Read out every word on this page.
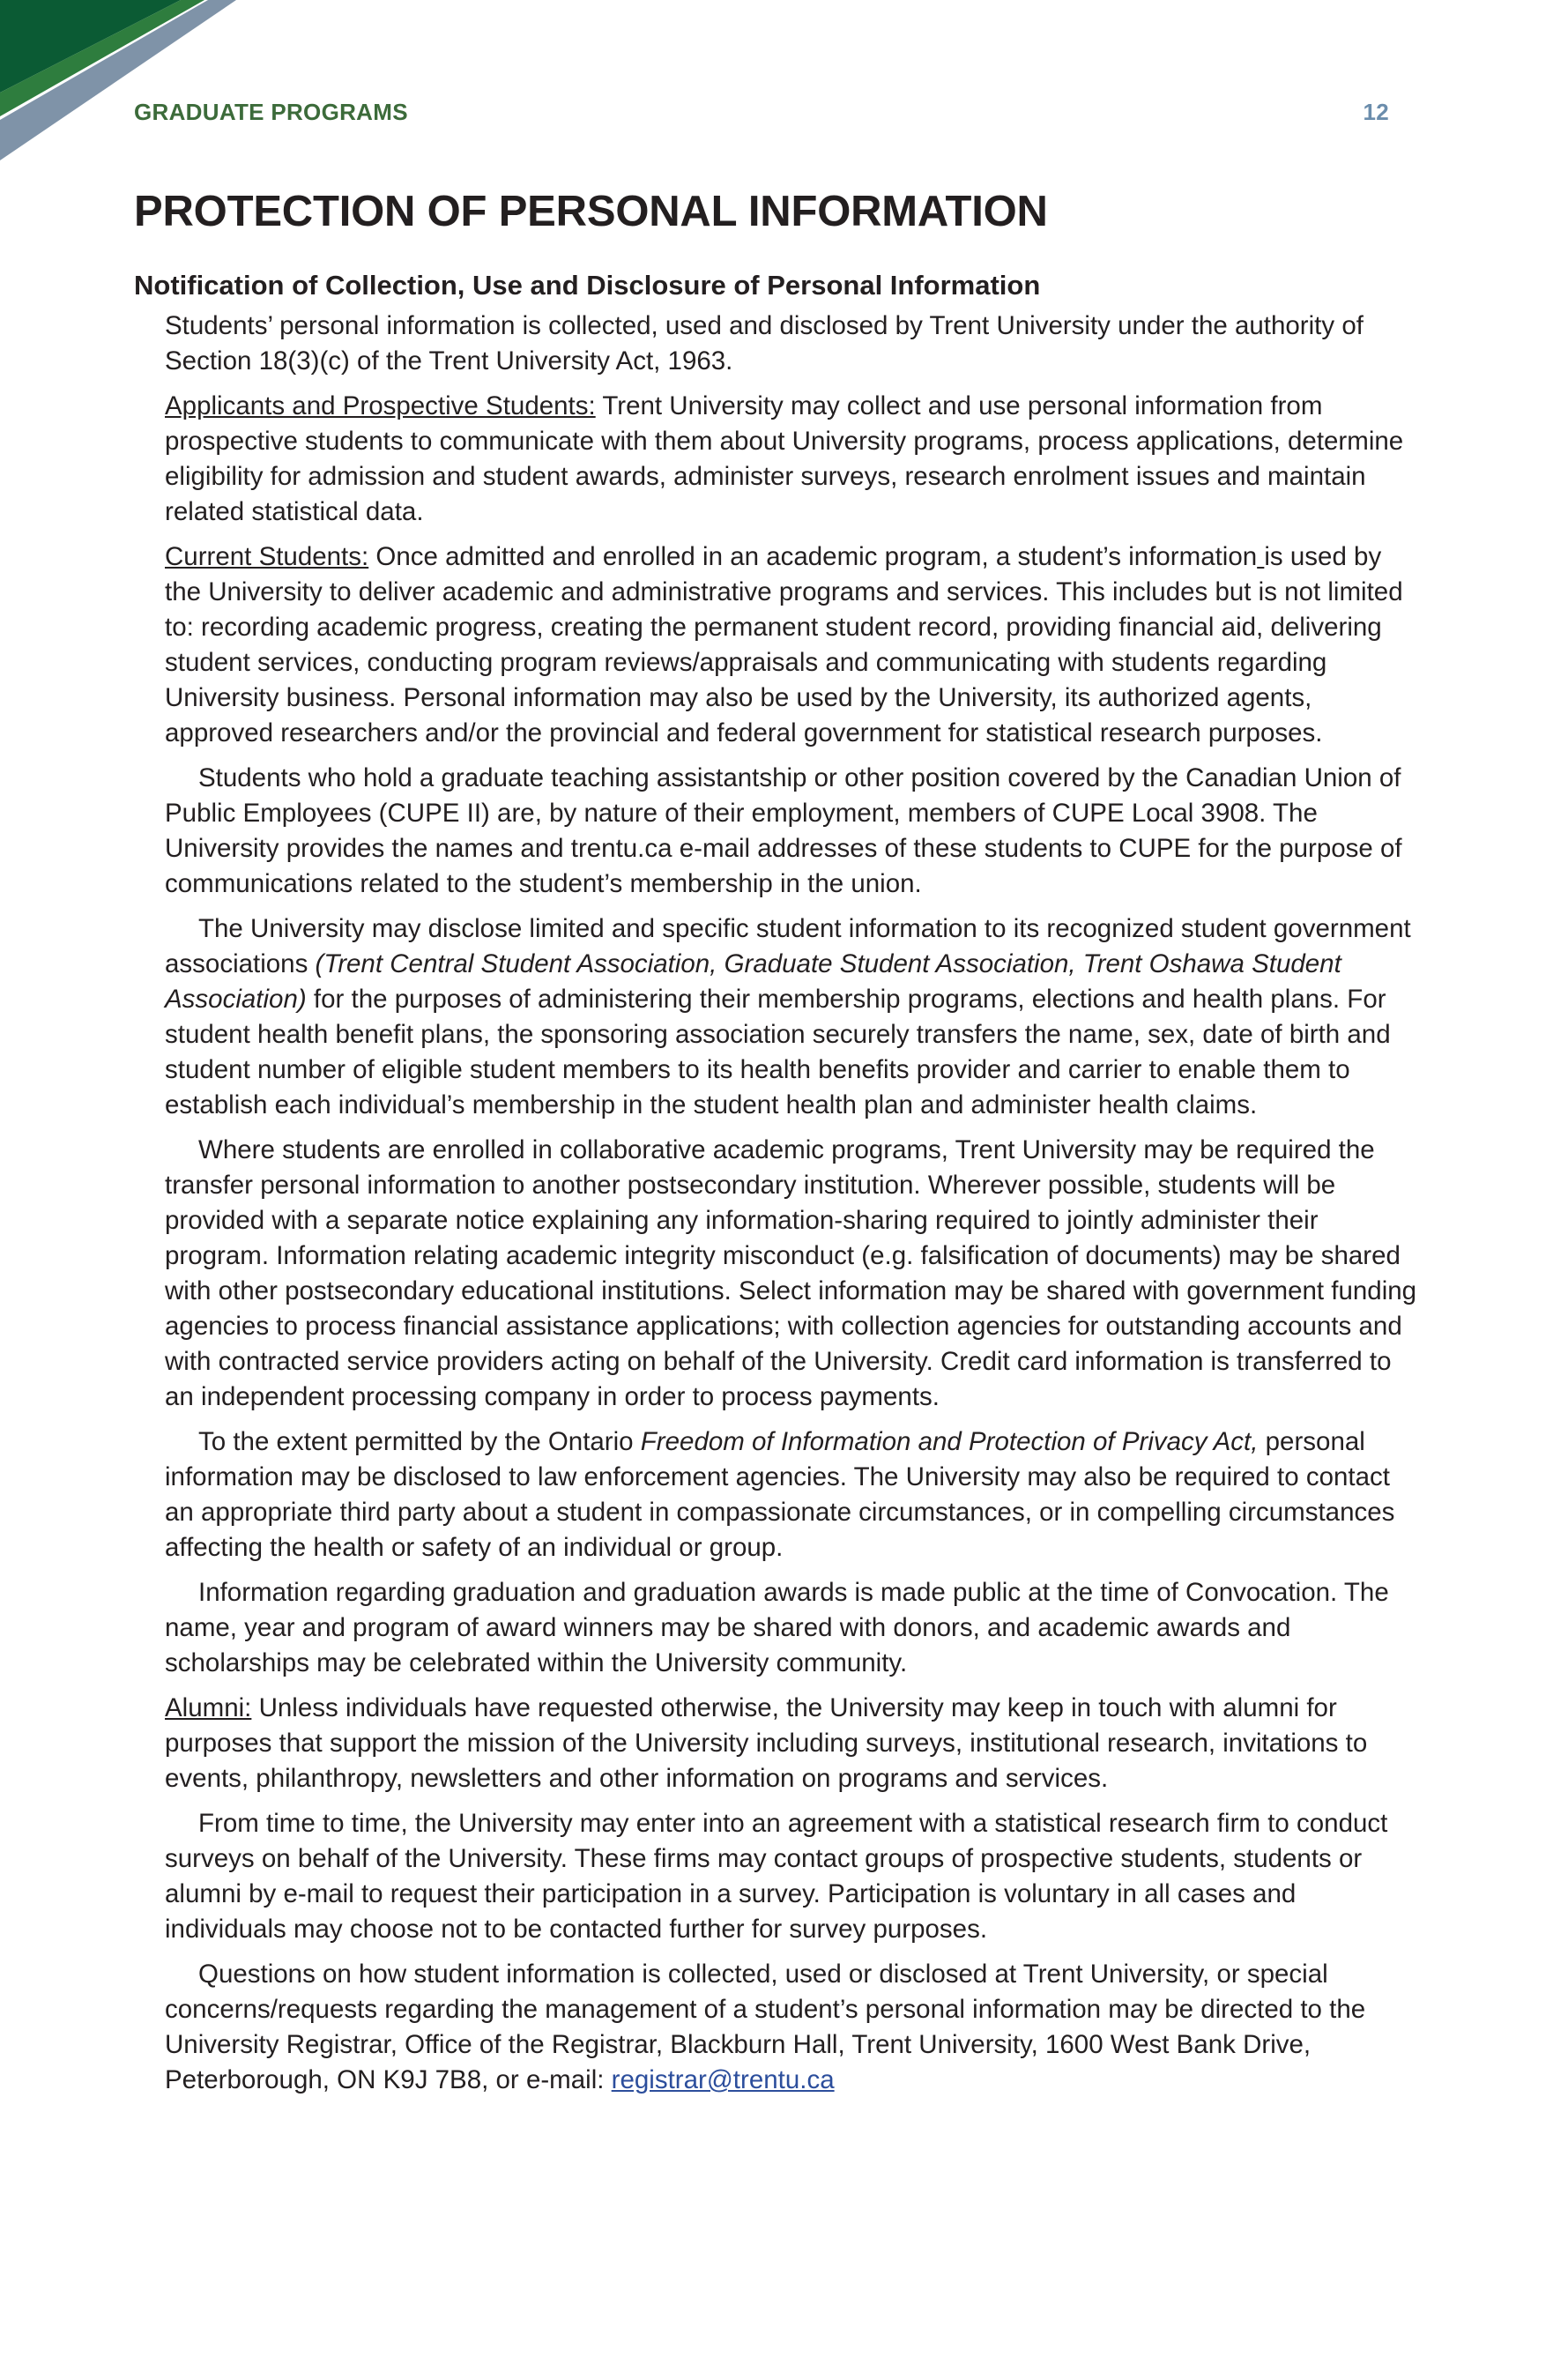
GRADUATE PROGRAMS	12
PROTECTION OF PERSONAL INFORMATION
Notification of Collection, Use and Disclosure of Personal Information

Students’ personal information is collected, used and disclosed by Trent University under the authority of Section 18(3)(c) of the Trent University Act, 1963.

Applicants and Prospective Students: Trent University may collect and use personal information from prospective students to communicate with them about University programs, process applications, determine eligibility for admission and student awards, administer surveys, research enrolment issues and maintain related statistical data.

Current Students: Once admitted and enrolled in an academic program, a student’s information is used by the University to deliver academic and administrative programs and services. This includes but is not limited to: recording academic progress, creating the permanent student record, providing financial aid, delivering student services, conducting program reviews/appraisals and communicating with students regarding University business. Personal information may also be used by the University, its authorized agents, approved researchers and/or the provincial and federal government for statistical research purposes.

Students who hold a graduate teaching assistantship or other position covered by the Canadian Union of Public Employees (CUPE II) are, by nature of their employment, members of CUPE Local 3908. The University provides the names and trentu.ca e-mail addresses of these students to CUPE for the purpose of communications related to the student’s membership in the union.

The University may disclose limited and specific student information to its recognized student government associations (Trent Central Student Association, Graduate Student Association, Trent Oshawa Student Association) for the purposes of administering their membership programs, elections and health plans. For student health benefit plans, the sponsoring association securely transfers the name, sex, date of birth and student number of eligible student members to its health benefits provider and carrier to enable them to establish each individual’s membership in the student health plan and administer health claims.

Where students are enrolled in collaborative academic programs, Trent University may be required the transfer personal information to another postsecondary institution. Wherever possible, students will be provided with a separate notice explaining any information-sharing required to jointly administer their program. Information relating academic integrity misconduct (e.g. falsification of documents) may be shared with other postsecondary educational institutions. Select information may be shared with government funding agencies to process financial assistance applications; with collection agencies for outstanding accounts and with contracted service providers acting on behalf of the University. Credit card information is transferred to an independent processing company in order to process payments.

To the extent permitted by the Ontario Freedom of Information and Protection of Privacy Act, personal information may be disclosed to law enforcement agencies. The University may also be required to contact an appropriate third party about a student in compassionate circumstances, or in compelling circumstances affecting the health or safety of an individual or group.

Information regarding graduation and graduation awards is made public at the time of Convocation. The name, year and program of award winners may be shared with donors, and academic awards and scholarships may be celebrated within the University community.

Alumni: Unless individuals have requested otherwise, the University may keep in touch with alumni for purposes that support the mission of the University including surveys, institutional research, invitations to events, philanthropy, newsletters and other information on programs and services.

From time to time, the University may enter into an agreement with a statistical research firm to conduct surveys on behalf of the University. These firms may contact groups of prospective students, students or alumni by e-mail to request their participation in a survey. Participation is voluntary in all cases and individuals may choose not to be contacted further for survey purposes.

Questions on how student information is collected, used or disclosed at Trent University, or special concerns/requests regarding the management of a student’s personal information may be directed to the University Registrar, Office of the Registrar, Blackburn Hall, Trent University, 1600 West Bank Drive, Peterborough, ON K9J 7B8, or e-mail: registrar@trentu.ca
